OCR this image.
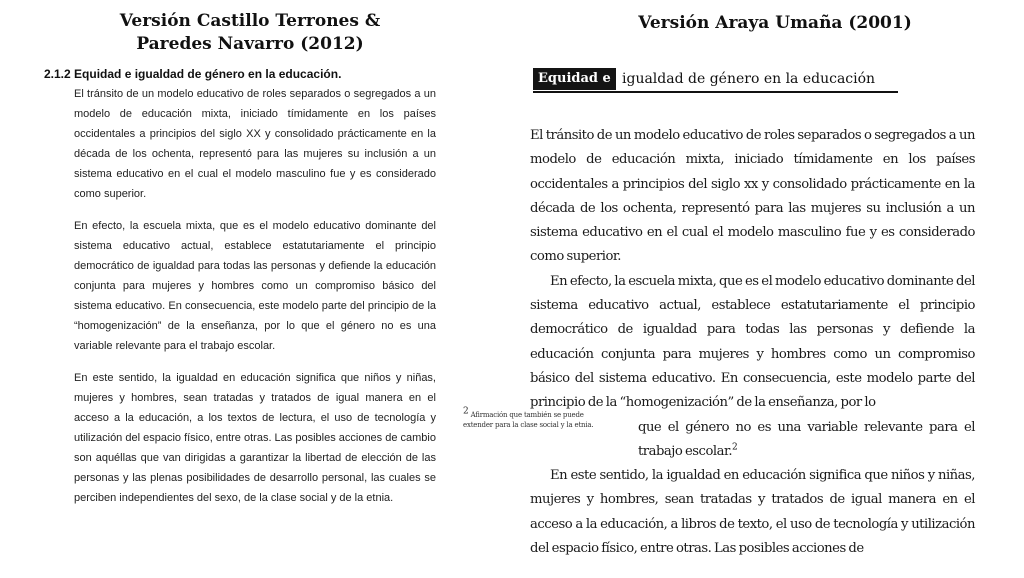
Versión Castillo Terrones &
Paredes Navarro (2012)
Versión Araya Umaña (2001)
2.1.2 Equidad e igualdad de género en la educación.

El tránsito de un modelo educativo de roles separados o segregados a un modelo de educación mixta, iniciado tímidamente en los países occidentales a principios del siglo XX y consolidado prácticamente en la década de los ochenta, representó para las mujeres su inclusión a un sistema educativo en el cual el modelo masculino fue y es considerado como superior.

En efecto, la escuela mixta, que es el modelo educativo dominante del sistema educativo actual, establece estatutariamente el principio democrático de igualdad para todas las personas y defiende la educación conjunta para mujeres y hombres como un compromiso básico del sistema educativo. En consecuencia, este modelo parte del principio de la “homogenización” de la enseñanza, por lo que el género no es una variable relevante para el trabajo escolar.

En este sentido, la igualdad en educación significa que niños y niñas, mujeres y hombres, sean tratadas y tratados de igual manera en el acceso a la educación, a los textos de lectura, el uso de tecnología y utilización del espacio físico, entre otras. Las posibles acciones de cambio son aquéllas que van dirigidas a garantizar la libertad de elección de las personas y las plenas posibilidades de desarrollo personal, las cuales se perciben independientes del sexo, de la clase social y de la etnia.

Equidad e igualdad de género en la educación

El tránsito de un modelo educativo de roles separados o segregados a un modelo de educación mixta, iniciado tímidamente en los países occidentales a principios del siglo xx y consolidado prácticamente en la década de los ochenta, representó para las mujeres su inclusión a un sistema educativo en el cual el modelo masculino fue y es considerado como superior.

En efecto, la escuela mixta, que es el modelo educativo dominante del sistema educativo actual, establece estatutariamente el principio democrático de igualdad para todas las personas y defiende la educación conjunta para mujeres y hombres como un compromiso básico del sistema educativo. En consecuencia, este modelo parte del principio de la “homogenización” de la enseñanza, por lo

que el género no es una variable relevante para el trabajo escolar.$^2$

En este sentido, la igualdad en educación significa que niños y niñas, mujeres y hombres, sean tratadas y tratados de igual manera en el acceso a la educación, a libros de texto, el uso de tecnología y utilización del espacio físico, entre otras. Las posibles acciones de

$^2$ Afirmación que también se puede extender para la clase social y la etnia.
